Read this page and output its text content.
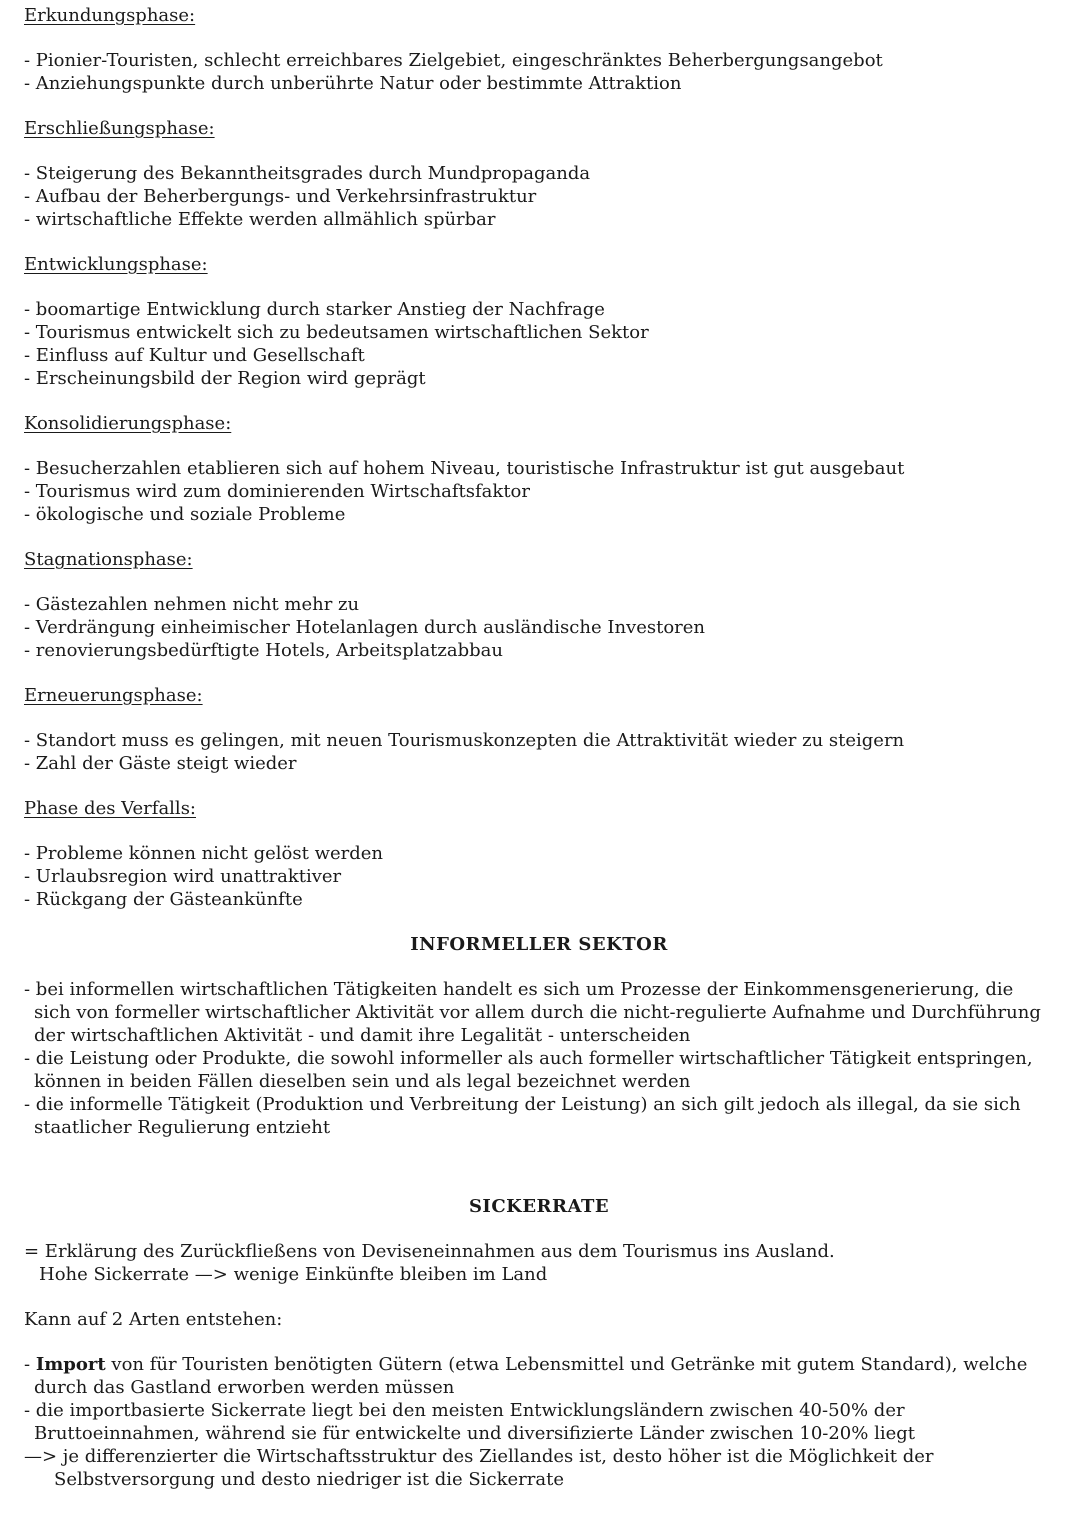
Erkundungsphase:

- Pionier-Touristen, schlecht erreichbares Zielgebiet, eingeschränktes Beherbergungsangebot
- Anziehungspunkte durch unberührte Natur oder bestimmte Attraktion

Erschließungsphase:

- Steigerung des Bekanntheitsgrades durch Mundpropaganda
- Aufbau der Beherbergungs- und Verkehrsinfrastruktur
- wirtschaftliche Effekte werden allmählich spürbar

Entwicklungsphase:

- boomartige Entwicklung durch starker Anstieg der Nachfrage
- Tourismus entwickelt sich zu bedeutsamen wirtschaftlichen Sektor
- Einfluss auf Kultur und Gesellschaft
- Erscheinungsbild der Region wird geprägt

Konsolidierungsphase:

- Besucherzahlen etablieren sich auf hohem Niveau, touristische Infrastruktur ist gut ausgebaut
- Tourismus wird zum dominierenden Wirtschaftsfaktor
- ökologische und soziale Probleme

Stagnationsphase:

- Gästezahlen nehmen nicht mehr zu
- Verdrängung einheimischer Hotelanlagen durch ausländische Investoren
- renovierungsbedürftigte Hotels, Arbeitsplatzabbau

Erneuerungsphase:

- Standort muss es gelingen, mit neuen Tourismuskonzepten die Attraktivität wieder zu steigern
- Zahl der Gäste steigt wieder

Phase des Verfalls:

- Probleme können nicht gelöst werden
- Urlaubsregion wird unattraktiver
- Rückgang der Gästeankünfte

INFORMELLER SEKTOR

- bei informellen wirtschaftlichen Tätigkeiten handelt es sich um Prozesse der Einkommensgenerierung, die sich von formeller wirtschaftlicher Aktivität vor allem durch die nicht-regulierte Aufnahme und Durchführung der wirtschaftlichen Aktivität - und damit ihre Legalität - unterscheiden
- die Leistung oder Produkte, die sowohl informeller als auch formeller wirtschaftlicher Tätigkeit entspringen, können in beiden Fällen dieselben sein und als legal bezeichnet werden
- die informelle Tätigkeit (Produktion und Verbreitung der Leistung) an sich gilt jedoch als illegal, da sie sich staatlicher Regulierung entzieht

SICKERRATE

= Erklärung des Zurückfließens von Deviseneinnahmen aus dem Tourismus ins Ausland.
Hohe Sickerrate —> wenige Einkünfte bleiben im Land
Kann auf 2 Arten entstehen:
- Import von für Touristen benötigten Gütern (etwa Lebensmittel und Getränke mit gutem Standard), welche durch das Gastland erworben werden müssen
- die importbasierte Sickerrate liegt bei den meisten Entwicklungsländern zwischen 40-50% der Bruttoeinnahmen, während sie für entwickelte und diversifizierte Länder zwischen 10-20% liegt
—> je differenzierter die Wirtschaftsstruktur des Ziellandes ist, desto höher ist die Möglichkeit der Selbstversorgung und desto niedriger ist die Sickerrate
